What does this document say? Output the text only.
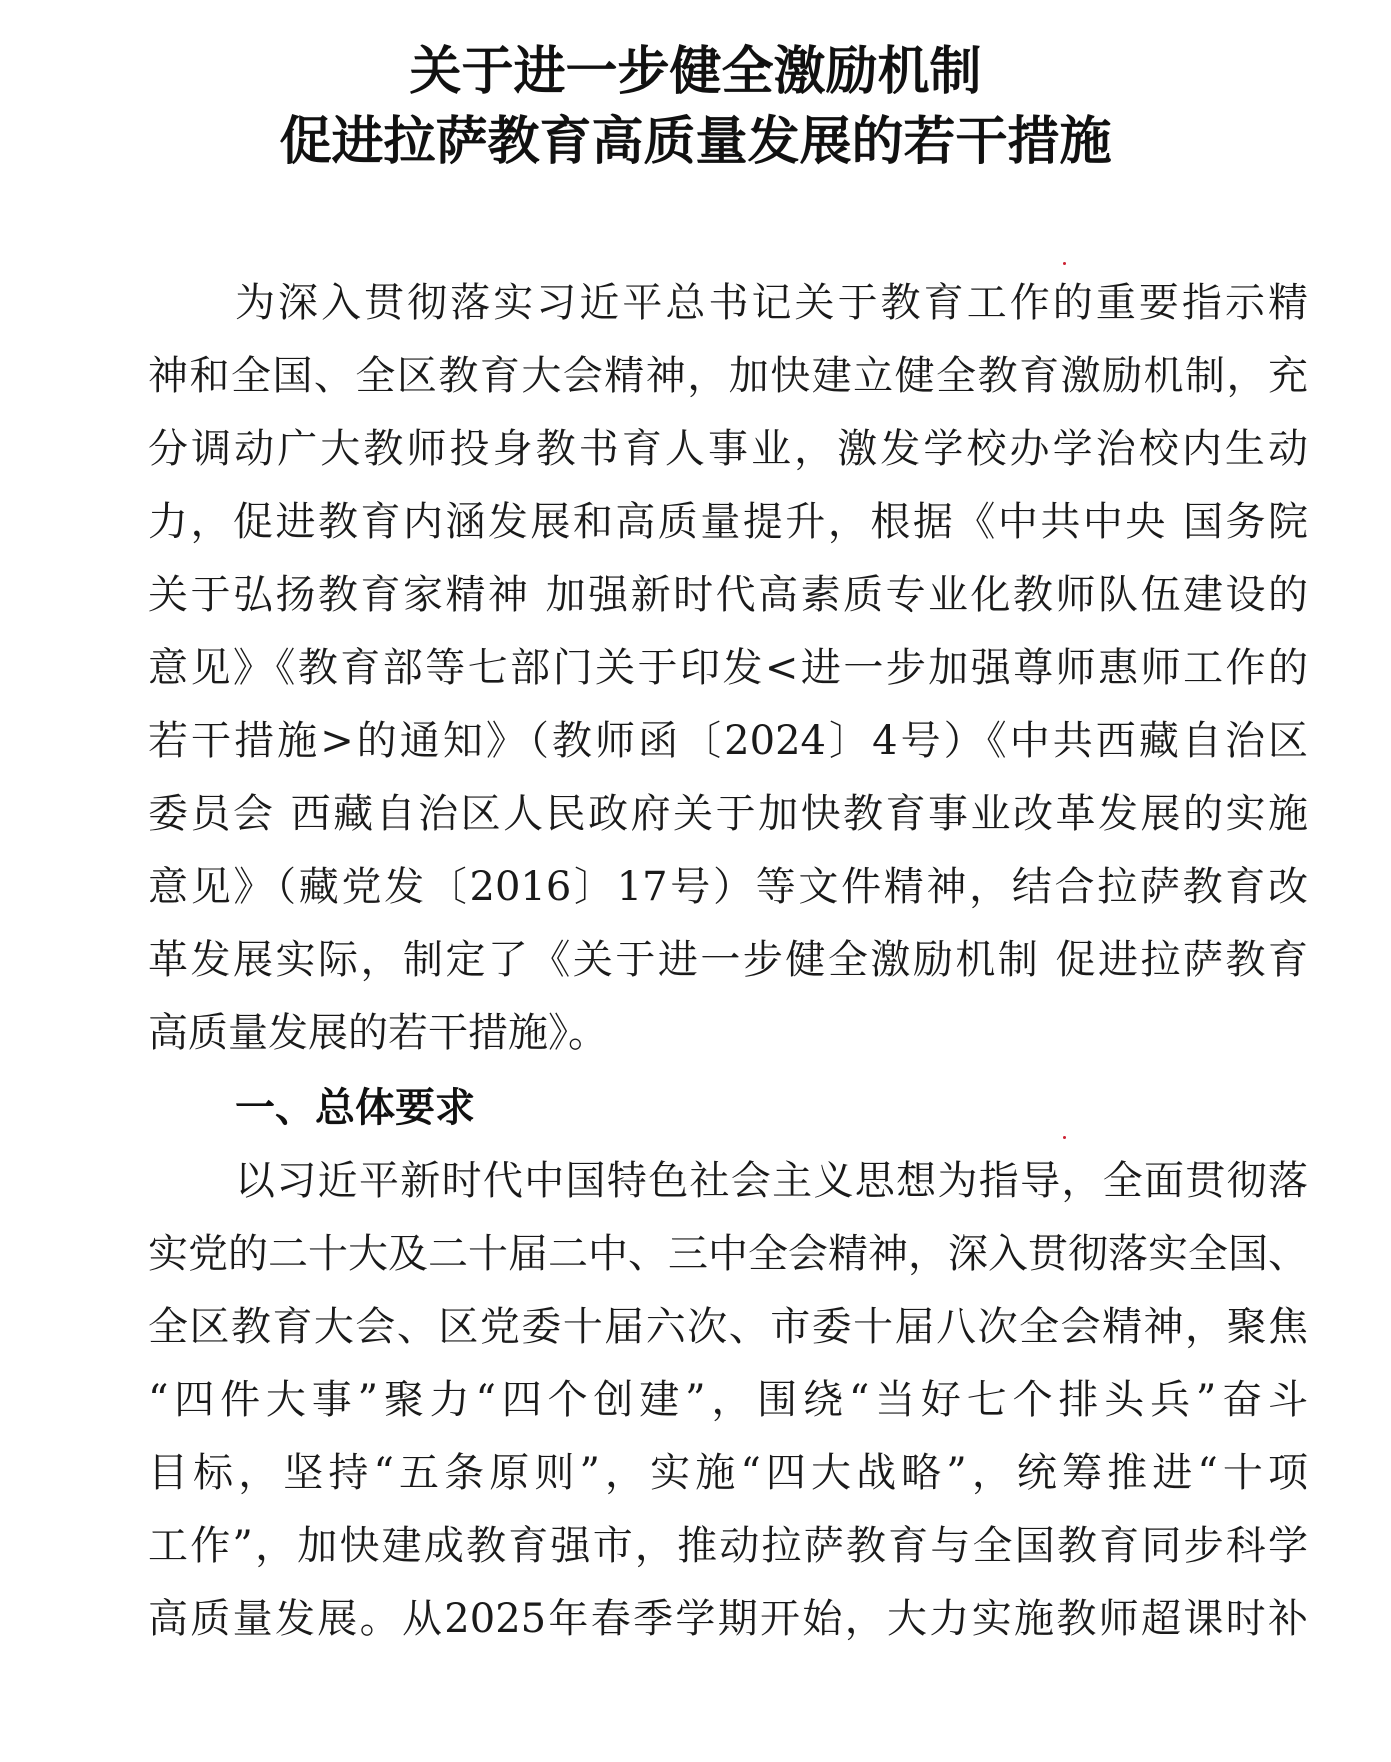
关于进一步健全激励机制
促进拉萨教育高质量发展的若干措施
为深入贯彻落实习近平总书记关于教育工作的重要指示精
神和全国、全区教育大会精神，加快建立健全教育激励机制，充
分调动广大教师投身教书育人事业，激发学校办学治校内生动
力，促进教育内涵发展和高质量提升，根据《中共中央 国务院
关于弘扬教育家精神 加强新时代高素质专业化教师队伍建设的
意见》《教育部等七部门关于印发<进一步加强尊师惠师工作的
若干措施>的通知》（教师函〔2024〕4号）《中共西藏自治区
委员会 西藏自治区人民政府关于加快教育事业改革发展的实施
意见》（藏党发〔2016〕17号）等文件精神，结合拉萨教育改
革发展实际，制定了《关于进一步健全激励机制 促进拉萨教育
高质量发展的若干措施》。
一、总体要求
以习近平新时代中国特色社会主义思想为指导，全面贯彻落
实党的二十大及二十届二中、三中全会精神，深入贯彻落实全国、
全区教育大会、区党委十届六次、市委十届八次全会精神，聚焦
“四件大事”聚力“四个创建”，围绕“当好七个排头兵”奋斗
目标，坚持“五条原则”，实施“四大战略”，统筹推进“十项
工作”，加快建成教育强市，推动拉萨教育与全国教育同步科学
高质量发展。从2025年春季学期开始，大力实施教师超课时补
